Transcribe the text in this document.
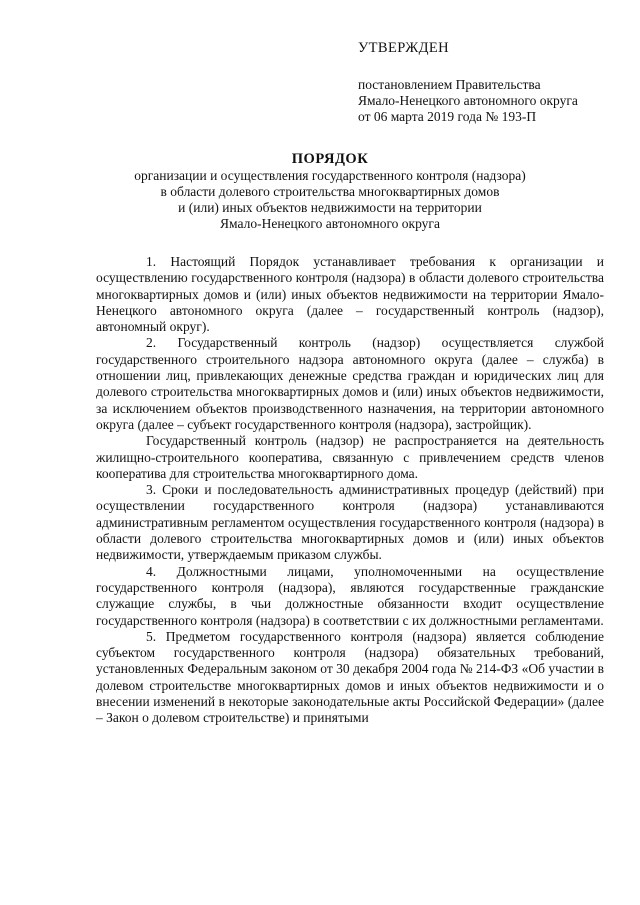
УТВЕРЖДЕН
постановлением Правительства
Ямало-Ненецкого автономного округа
от 06 марта 2019 года № 193-П
ПОРЯДОК
организации и осуществления государственного контроля (надзора)
в области долевого строительства многоквартирных домов
и (или) иных объектов недвижимости на территории
Ямало-Ненецкого автономного округа

1. Настоящий Порядок устанавливает требования к организации и осуществлению государственного контроля (надзора) в области долевого строительства многоквартирных домов и (или) иных объектов недвижимости на территории Ямало-Ненецкого автономного округа (далее – государственный контроль (надзор), автономный округ).

2. Государственный контроль (надзор) осуществляется службой государственного строительного надзора автономного округа (далее – служба) в отношении лиц, привлекающих денежные средства граждан и юридических лиц для долевого строительства многоквартирных домов и (или) иных объектов недвижимости, за исключением объектов производственного назначения, на территории автономного округа (далее – субъект государственного контроля (надзора), застройщик).

Государственный контроль (надзор) не распространяется на деятельность жилищно-строительного кооператива, связанную с привлечением средств членов кооператива для строительства многоквартирного дома.

3. Сроки и последовательность административных процедур (действий) при осуществлении государственного контроля (надзора) устанавливаются административным регламентом осуществления государственного контроля (надзора) в области долевого строительства многоквартирных домов и (или) иных объектов недвижимости, утверждаемым приказом службы.

4. Должностными лицами, уполномоченными на осуществление государственного контроля (надзора), являются государственные гражданские служащие службы, в чьи должностные обязанности входит осуществление государственного контроля (надзора) в соответствии с их должностными регламентами.

5. Предметом государственного контроля (надзора) является соблюдение субъектом государственного контроля (надзора) обязательных требований, установленных Федеральным законом от 30 декабря 2004 года № 214-ФЗ «Об участии в долевом строительстве многоквартирных домов и иных объектов недвижимости и о внесении изменений в некоторые законодательные акты Российской Федерации» (далее – Закон о долевом строительстве) и принятыми
